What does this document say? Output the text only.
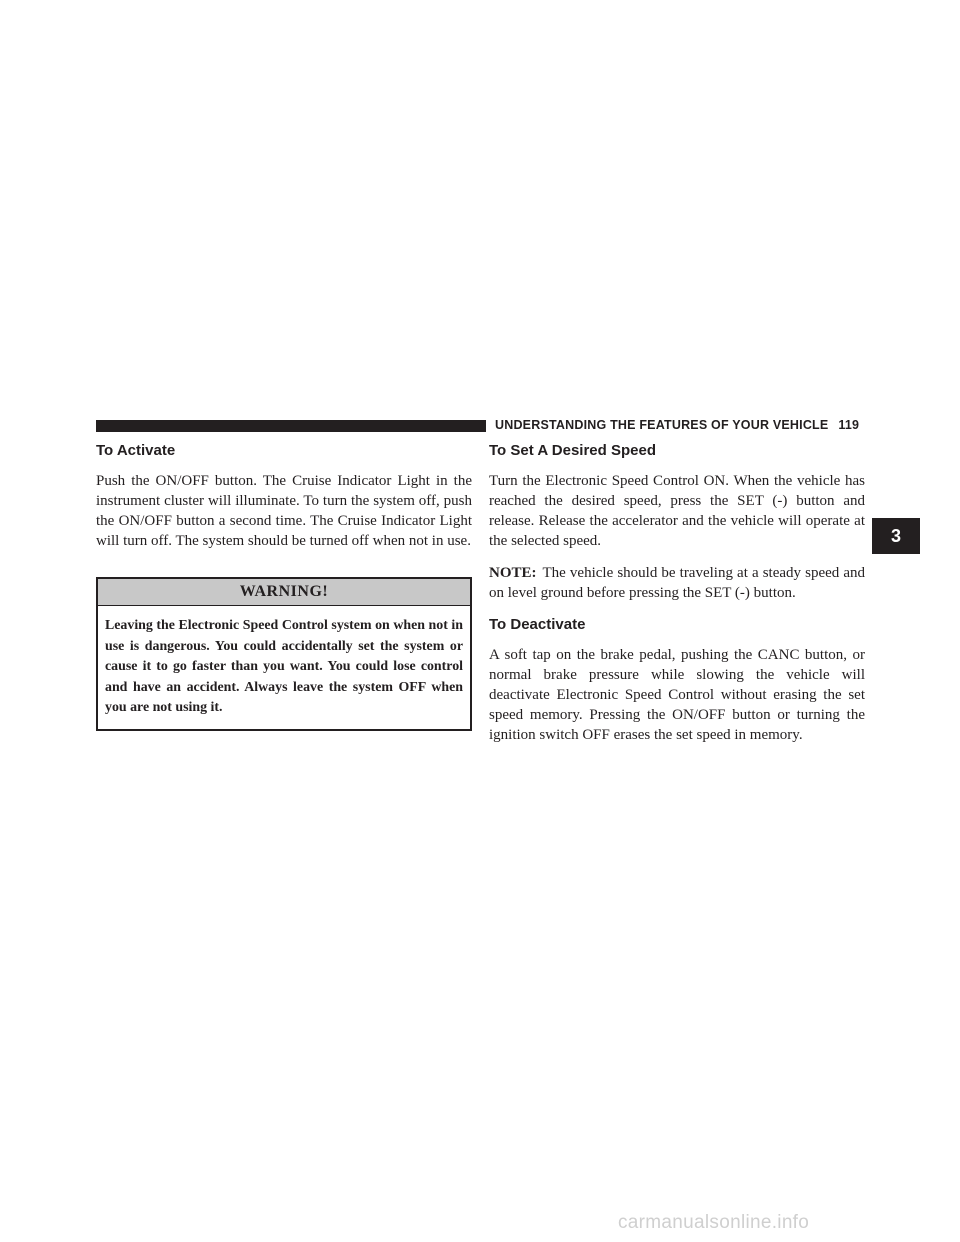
UNDERSTANDING THE FEATURES OF YOUR VEHICLE 119
To Activate

Push the ON/OFF button. The Cruise Indicator Light in the instrument cluster will illuminate. To turn the system off, push the ON/OFF button a second time. The Cruise Indicator Light will turn off. The system should be turned off when not in use.

WARNING!
Leaving the Electronic Speed Control system on when not in use is dangerous. You could accidentally set the system or cause it to go faster than you want. You could lose control and have an accident. Always leave the system OFF when you are not using it.
To Set A Desired Speed

Turn the Electronic Speed Control ON. When the vehicle has reached the desired speed, press the SET (-) button and release. Release the accelerator and the vehicle will operate at the selected speed.

NOTE: The vehicle should be traveling at a steady speed and on level ground before pressing the SET (-) button.

To Deactivate

A soft tap on the brake pedal, pushing the CANC button, or normal brake pressure while slowing the vehicle will deactivate Electronic Speed Control without erasing the set speed memory. Pressing the ON/OFF button or turning the ignition switch OFF erases the set speed in memory.

3
carmanualsonline.info
